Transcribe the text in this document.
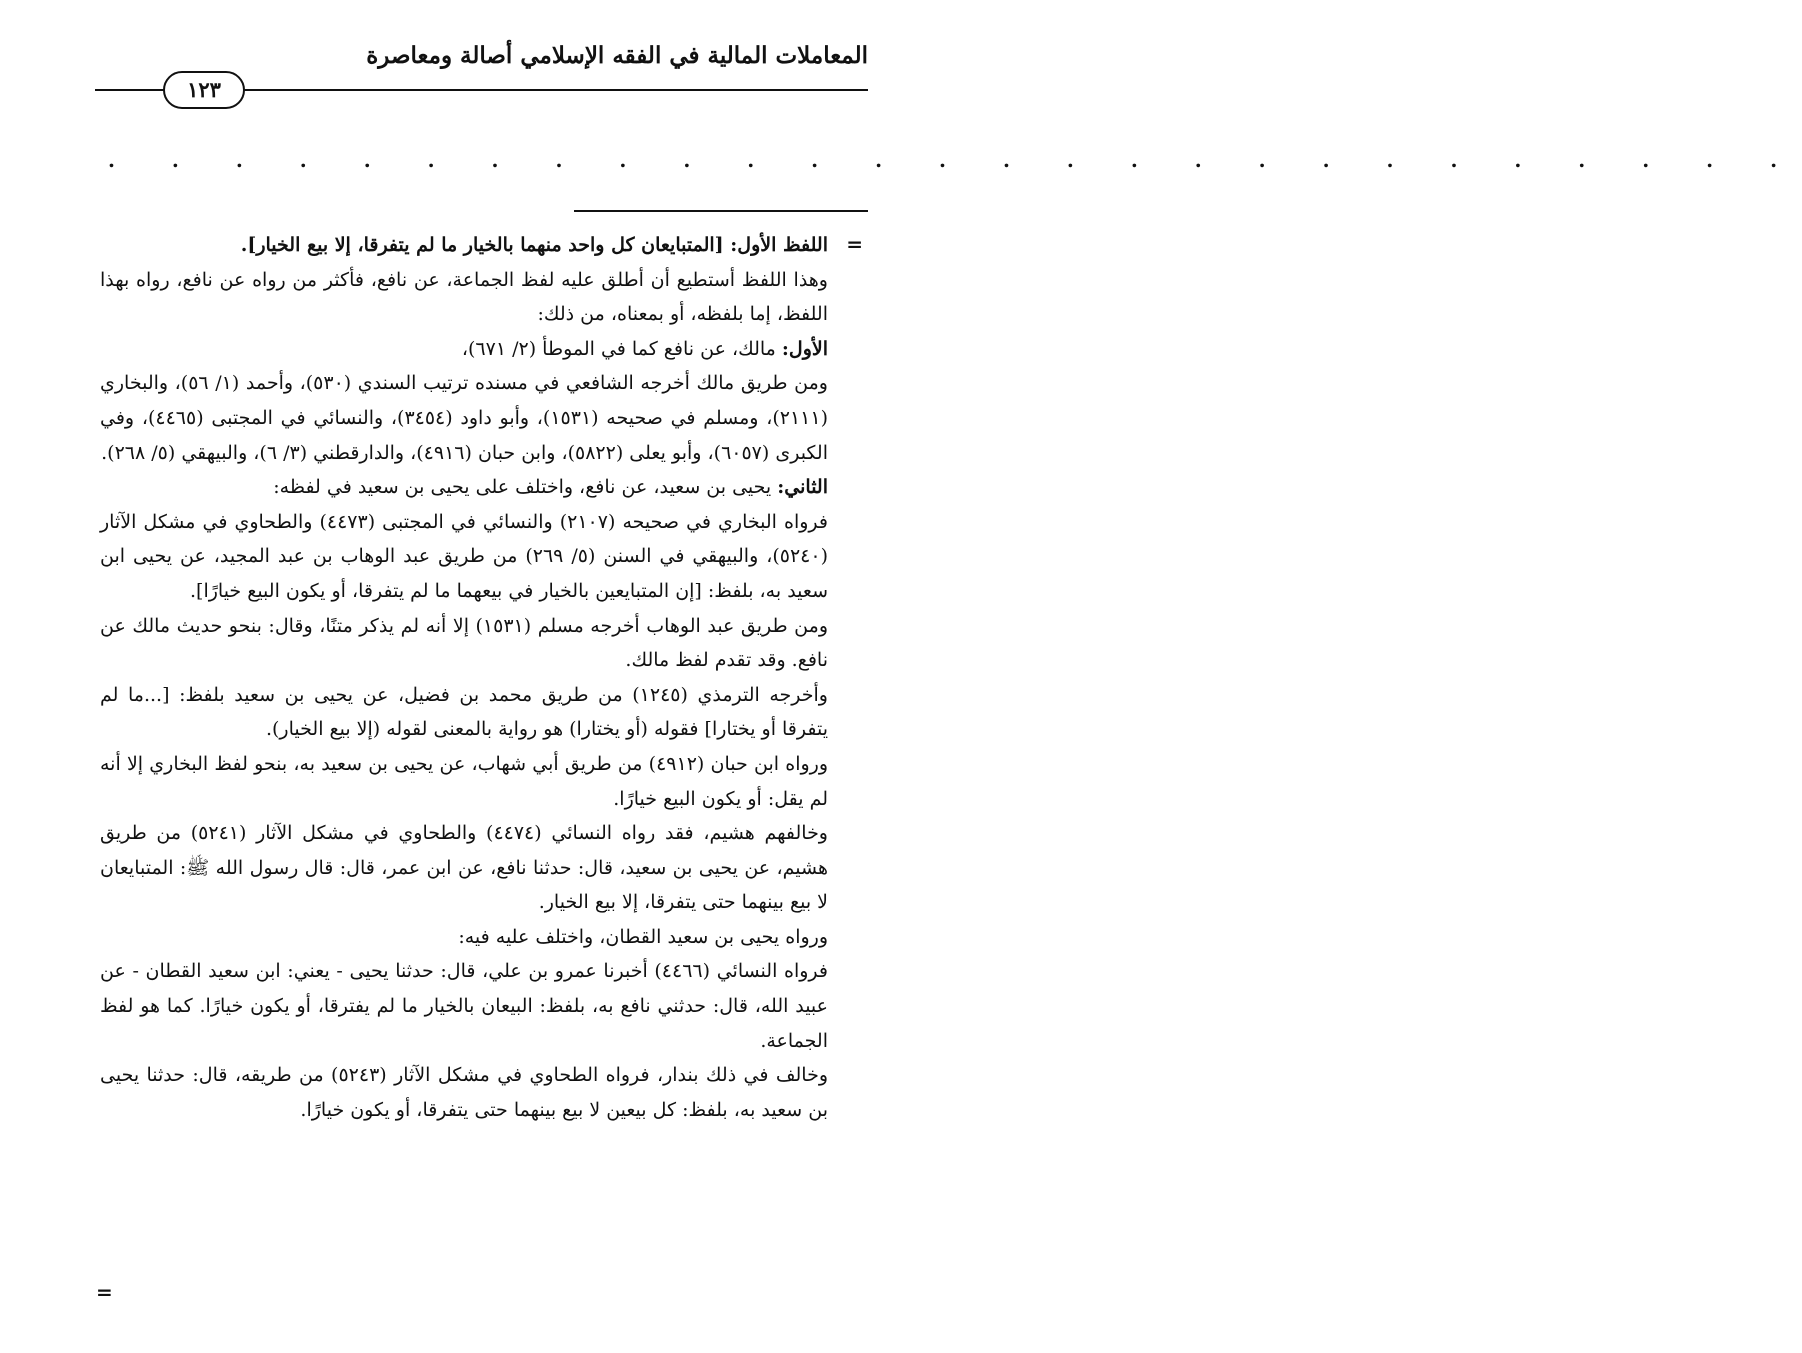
المعاملات المالية في الفقه الإسلامي أصالة ومعاصرة
١٢٣
. . . . . . . . . . . . . . . . . . . . . . . . . . .
=
=

اللفظ الأول: [المتبايعان كل واحد منهما بالخيار ما لم يتفرقا، إلا بيع الخيار].

وهذا اللفظ أستطيع أن أطلق عليه لفظ الجماعة، عن نافع، فأكثر من رواه عن نافع، رواه بهذا اللفظ، إما بلفظه، أو بمعناه، من ذلك:

الأول: مالك، عن نافع كما في الموطأ (٢/ ٦٧١)،

ومن طريق مالك أخرجه الشافعي في مسنده ترتيب السندي (٥٣٠)، وأحمد (١/ ٥٦)، والبخاري (٢١١١)، ومسلم في صحيحه (١٥٣١)، وأبو داود (٣٤٥٤)، والنسائي في المجتبى (٤٤٦٥)، وفي الكبرى (٦٠٥٧)، وأبو يعلى (٥٨٢٢)، وابن حبان (٤٩١٦)، والدارقطني (٣/ ٦)، والبيهقي (٥/ ٢٦٨).

الثاني: يحيى بن سعيد، عن نافع، واختلف على يحيى بن سعيد في لفظه:

فرواه البخاري في صحيحه (٢١٠٧) والنسائي في المجتبى (٤٤٧٣) والطحاوي في مشكل الآثار (٥٢٤٠)، والبيهقي في السنن (٥/ ٢٦٩) من طريق عبد الوهاب بن عبد المجيد، عن يحيى ابن سعيد به، بلفظ: [إن المتبايعين بالخيار في بيعهما ما لم يتفرقا، أو يكون البيع خيارًا].

ومن طريق عبد الوهاب أخرجه مسلم (١٥٣١) إلا أنه لم يذكر متنًا، وقال: بنحو حديث مالك عن نافع. وقد تقدم لفظ مالك.

وأخرجه الترمذي (١٢٤٥) من طريق محمد بن فضيل، عن يحيى بن سعيد بلفظ: [...ما لم يتفرقا أو يختارا] فقوله (أو يختارا) هو رواية بالمعنى لقوله (إلا بيع الخيار).

ورواه ابن حبان (٤٩١٢) من طريق أبي شهاب، عن يحيى بن سعيد به، بنحو لفظ البخاري إلا أنه لم يقل: أو يكون البيع خيارًا.

وخالفهم هشيم، فقد رواه النسائي (٤٤٧٤) والطحاوي في مشكل الآثار (٥٢٤١) من طريق هشيم، عن يحيى بن سعيد، قال: حدثنا نافع، عن ابن عمر، قال: قال رسول الله ﷺ: المتبايعان لا بيع بينهما حتى يتفرقا، إلا بيع الخيار.

ورواه يحيى بن سعيد القطان، واختلف عليه فيه:

فرواه النسائي (٤٤٦٦) أخبرنا عمرو بن علي، قال: حدثنا يحيى - يعني: ابن سعيد القطان - عن عبيد الله، قال: حدثني نافع به، بلفظ: البيعان بالخيار ما لم يفترقا، أو يكون خيارًا. كما هو لفظ الجماعة.

وخالف في ذلك بندار، فرواه الطحاوي في مشكل الآثار (٥٢٤٣) من طريقه، قال: حدثنا يحيى بن سعيد به، بلفظ: كل بيعين لا بيع بينهما حتى يتفرقا، أو يكون خيارًا.
